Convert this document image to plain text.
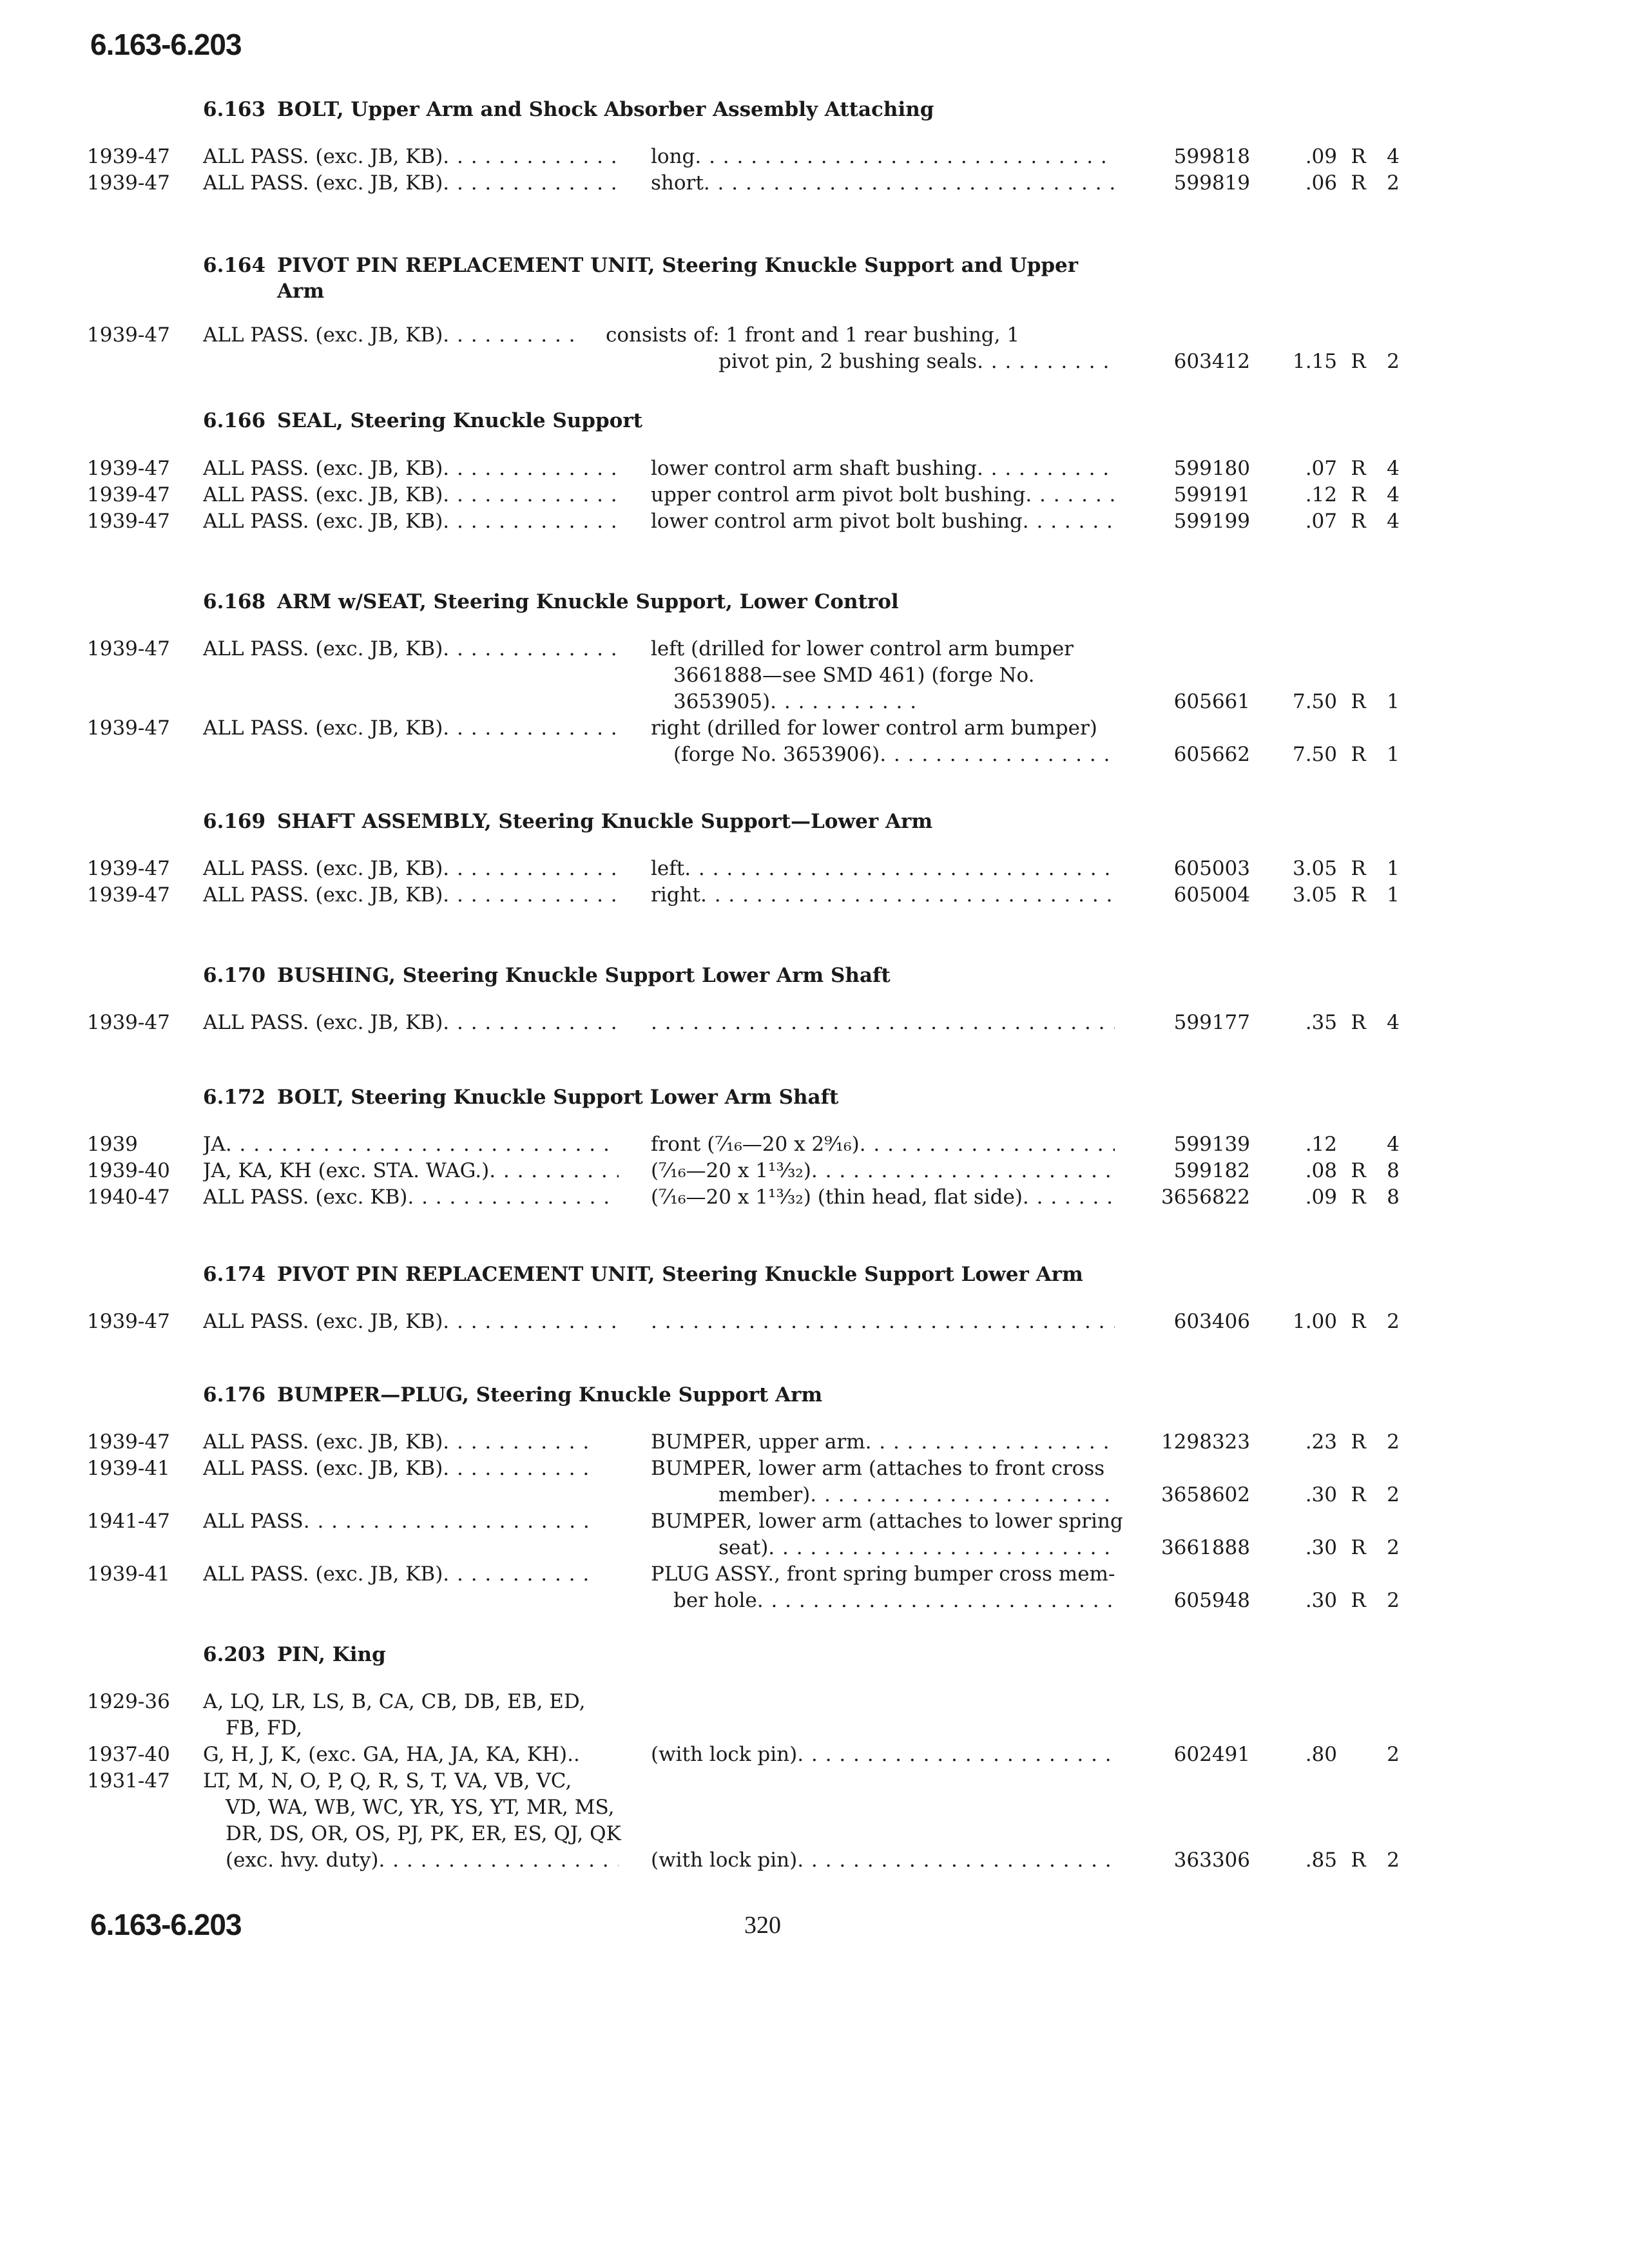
6.163-6.203
6.163 BOLT, Upper Arm and Shock Absorber Assembly Attaching
1939-47 ALL PASS. (exc. JB, KB) . . .	long . . .	599818	.09 R 4
1939-47 ALL PASS. (exc. JB, KB) . . .	short . . .	599819	.06 R 2
6.164 PIVOT PIN REPLACEMENT UNIT, Steering Knuckle Support and Upper
Arm
1939-47 ALL PASS. (exc. JB, KB) . . .	consists of: 1 front and 1 rear bushing, 1
pivot pin, 2 bushing seals . . .	603412	1.15 R 2
6.166 SEAL, Steering Knuckle Support
1939-47 ALL PASS. (exc. JB, KB) . . .	lower control arm shaft bushing . . .	599180	.07 R 4
1939-47 ALL PASS. (exc. JB, KB) . . .	upper control arm pivot bolt bushing . . .	599191	.12 R 4
1939-47 ALL PASS. (exc. JB, KB) . . .	lower control arm pivot bolt bushing . . .	599199	.07 R 4
6.168 ARM w/SEAT, Steering Knuckle Support, Lower Control
1939-47 ALL PASS. (exc. JB, KB) . . .	left (drilled for lower control arm bumper
3661888—see SMD 461) (forge No.
3653905) . . .	605661	7.50 R 1
1939-47 ALL PASS. (exc. JB, KB) . . .	right (drilled for lower control arm bumper)
(forge No. 3653906) . . .	605662	7.50 R 1
6.169 SHAFT ASSEMBLY, Steering Knuckle Support—Lower Arm
1939-47 ALL PASS. (exc. JB, KB) . . .	left . . .	605003	3.05 R 1
1939-47 ALL PASS. (exc. JB, KB) . . .	right . . .	605004	3.05 R 1
6.170 BUSHING, Steering Knuckle Support Lower Arm Shaft
1939-47 ALL PASS. (exc. JB, KB) . . . . . .	599177	.35 R 4
6.172 BOLT, Steering Knuckle Support Lower Arm Shaft
1939	JA . . .	front (⁷⁄₁₆—20 x 2⁹⁄₁₆) . . .	599139	.12 4
1939-40 JA, KA, KH (exc. STA. WAG.) . . .	(⁷⁄₁₆—20 x 1¹³⁄₃₂) . . .	599182	.08 R 8
1940-47 ALL PASS. (exc. KB) . . .	(⁷⁄₁₆—20 x 1¹³⁄₃₂) (thin head, flat side) . . .	3656822	.09 R 8
6.174 PIVOT PIN REPLACEMENT UNIT, Steering Knuckle Support Lower Arm
1939-47 ALL PASS. (exc. JB, KB) . . . . . .	603406	1.00 R 2
6.176 BUMPER—PLUG, Steering Knuckle Support Arm
1939-47 ALL PASS. (exc. JB, KB) . . .	BUMPER, upper arm . . .	1298323	.23 R 2
1939-41 ALL PASS. (exc. JB, KB) . . .	BUMPER, lower arm (attaches to front cross
member) . . .	3658602	.30 R 2
1941-47 ALL PASS . . .	BUMPER, lower arm (attaches to lower spring
seat) . . .	3661888	.30 R 2
1939-41 ALL PASS. (exc. JB, KB) . . .	PLUG ASSY., front spring bumper cross mem-
ber hole . . .	605948	.30 R 2
6.203 PIN, King
1929-36 A, LQ, LR, LS, B, CA, CB, DB, EB, ED,
FB, FD,
1937-40 G, H, J, K, (exc. GA, HA, JA, KA, KH)..	(with lock pin) . . .	602491	.80 2
1931-47 LT, M, N, O, P, Q, R, S, T, VA, VB, VC,
VD, WA, WB, WC, YR, YS, YT, MR, MS,
DR, DS, OR, OS, PJ, PK, ER, ES, QJ, QK
(exc. hvy. duty) . . .	(with lock pin) . . .	363306	.85 R 2
6.163-6.203	320
